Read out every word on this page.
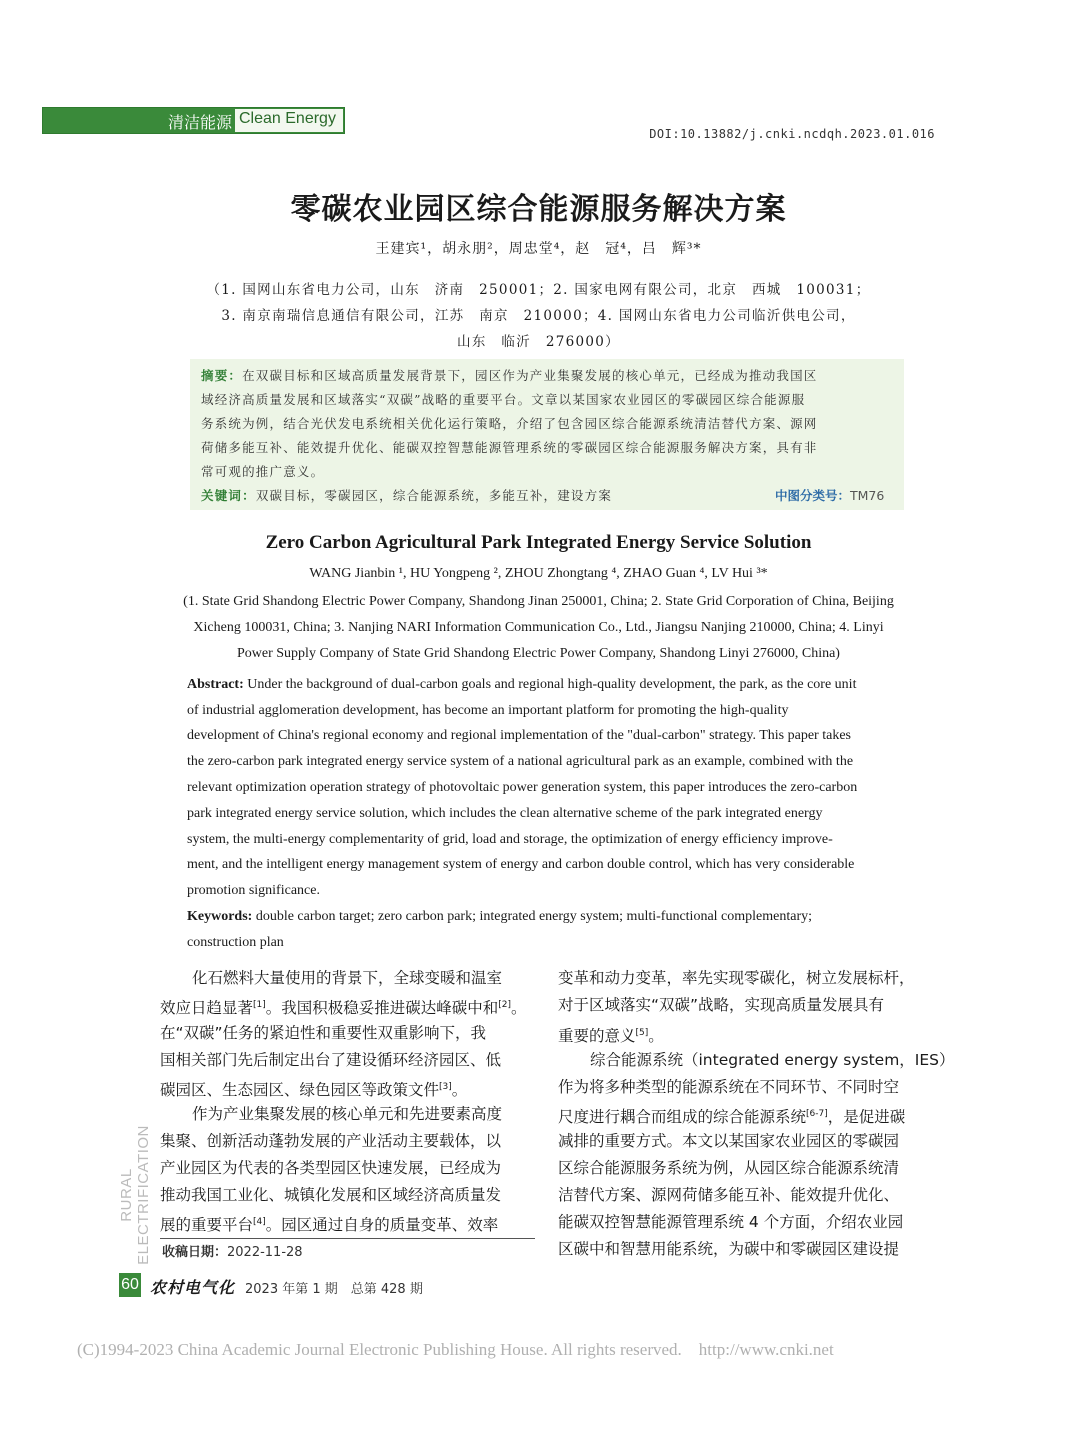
清洁能源 Clean Energy
DOI:10.13882/j.cnki.ncdqh.2023.01.016
零碳农业园区综合能源服务解决方案
王建宾¹，胡永朋²，周忠堂⁴，赵　冠⁴，吕　辉³*
（1. 国网山东省电力公司，山东　济南　250001；2. 国家电网有限公司，北京　西城　100031；
3. 南京南瑞信息通信有限公司，江苏　南京　210000；4. 国网山东省电力公司临沂供电公司，
山东　临沂　276000）
摘要：在双碳目标和区域高质量发展背景下，园区作为产业集聚发展的核心单元，已经成为推动我国区
域经济高质量发展和区域落实“双碳”战略的重要平台。文章以某国家农业园区的零碳园区综合能源服
务系统为例，结合光伏发电系统相关优化运行策略，介绍了包含园区综合能源系统清洁替代方案、源网
荷储多能互补、能效提升优化、能碳双控智慧能源管理系统的零碳园区综合能源服务解决方案，具有非
常可观的推广意义。
关键词：双碳目标，零碳园区，综合能源系统，多能互补，建设方案	中图分类号：TM76
Zero Carbon Agricultural Park Integrated Energy Service Solution
WANG Jianbin ¹, HU Yongpeng ², ZHOU Zhongtang ⁴, ZHAO Guan ⁴, LV Hui ³*
(1. State Grid Shandong Electric Power Company, Shandong Jinan 250001, China; 2. State Grid Corporation of China, Beijing
Xicheng 100031, China; 3. Nanjing NARI Information Communication Co., Ltd., Jiangsu Nanjing 210000, China; 4. Linyi
Power Supply Company of State Grid Shandong Electric Power Company, Shandong Linyi 276000, China)
Abstract: Under the background of dual-carbon goals and regional high-quality development, the park, as the core unit
of industrial agglomeration development, has become an important platform for promoting the high-quality
development of China's regional economy and regional implementation of the "dual-carbon" strategy. This paper takes
the zero-carbon park integrated energy service system of a national agricultural park as an example, combined with the
relevant optimization operation strategy of photovoltaic power generation system, this paper introduces the zero-carbon
park integrated energy service solution, which includes the clean alternative scheme of the park integrated energy
system, the multi-energy complementarity of grid, load and storage, the optimization of energy efficiency improve-
ment, and the intelligent energy management system of energy and carbon double control, which has very considerable
promotion significance.
Keywords: double carbon target; zero carbon park; integrated energy system; multi-functional complementary;
construction plan
化石燃料大量使用的背景下，全球变暖和温室
效应日趋显著[1]。我国积极稳妥推进碳达峰碳中和[2]。
在“双碳”任务的紧迫性和重要性双重影响下，我
国相关部门先后制定出台了建设循环经济园区、低
碳园区、生态园区、绿色园区等政策文件[3]。
作为产业集聚发展的核心单元和先进要素高度
集聚、创新活动蓬勃发展的产业活动主要载体，以
产业园区为代表的各类型园区快速发展，已经成为
推动我国工业化、城镇化发展和区域经济高质量发
展的重要平台[4]。园区通过自身的质量变革、效率
变革和动力变革，率先实现零碳化，树立发展标杆，
对于区域落实“双碳”战略，实现高质量发展具有
重要的意义[5]。
综合能源系统（integrated energy system，IES）
作为将多种类型的能源系统在不同环节、不同时空
尺度进行耦合而组成的综合能源系统[6-7]，是促进碳
减排的重要方式。本文以某国家农业园区的零碳园
区综合能源服务系统为例，从园区综合能源系统清
洁替代方案、源网荷储多能互补、能效提升优化、
能碳双控智慧能源管理系统 4 个方面，介绍农业园
区碳中和智慧用能系统，为碳中和零碳园区建设提
RURAL ELECTRIFICATION 收稿日期：2022-11-28
60 农村电气化 2023 年第 1 期　总第 428 期
(C)1994-2023 China Academic Journal Electronic Publishing House. All rights reserved.    http://www.cnki.net
